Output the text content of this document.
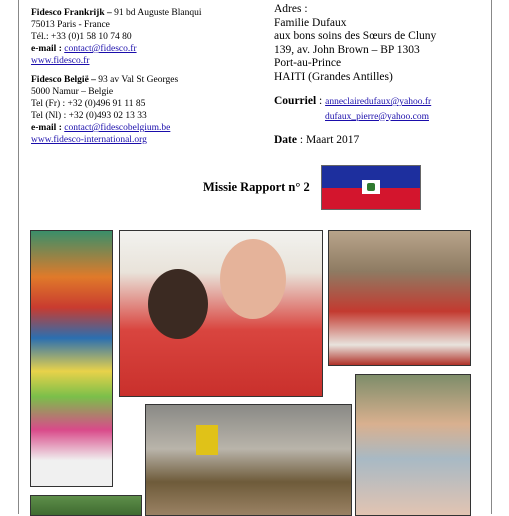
Fidesco Frankrijk – 91 bd Auguste Blanqui
75013 Paris - France
Tél.: +33 (0)1 58 10 74 80
e-mail : contact@fidesco.fr
www.fidesco.fr
Fidesco België – 93 av Val St Georges
5000 Namur – Belgie
Tel (Fr) : +32 (0)496 91 11 85
Tel (Nl) : +32 (0)493 02 13 33
e-mail : contact@fidescobelgium.be
www.fidesco-international.org
Adres :
Familie Dufaux
aux bons soins des Sœurs de Cluny
139, av. John Brown – BP 1303
Port-au-Prince
HAITI (Grandes Antilles)
Courriel : anneclairedufaux@yahoo.fr
dufaux_pierre@yahoo.com
Date : Maart 2017
Missie Rapport n° 2
